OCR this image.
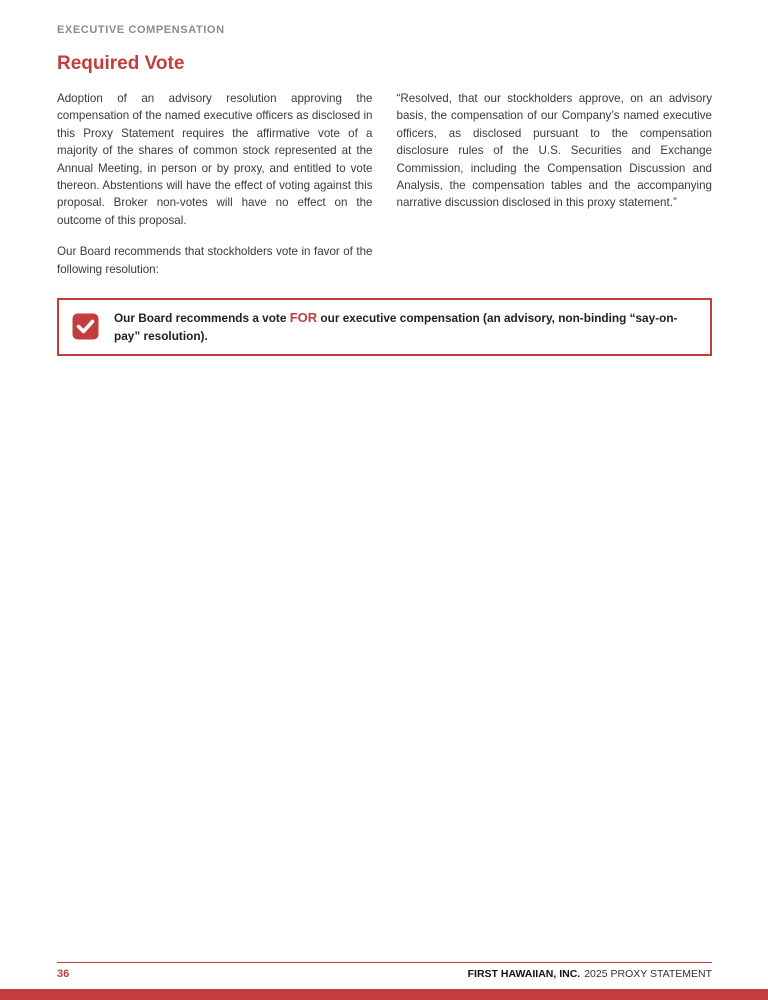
EXECUTIVE COMPENSATION
Required Vote

Adoption of an advisory resolution approving the compensation of the named executive officers as disclosed in this Proxy Statement requires the affirmative vote of a majority of the shares of common stock represented at the Annual Meeting, in person or by proxy, and entitled to vote thereon. Abstentions will have the effect of voting against this proposal. Broker non-votes will have no effect on the outcome of this proposal.

Our Board recommends that stockholders vote in favor of the following resolution:

“Resolved, that our stockholders approve, on an advisory basis, the compensation of our Company’s named executive officers, as disclosed pursuant to the compensation disclosure rules of the U.S. Securities and Exchange Commission, including the Compensation Discussion and Analysis, the compensation tables and the accompanying narrative discussion disclosed in this proxy statement.”

Our Board recommends a vote FOR our executive compensation (an advisory, non-binding “say-on-pay” resolution).
36	FIRST HAWAIIAN, INC. 2025 PROXY STATEMENT
